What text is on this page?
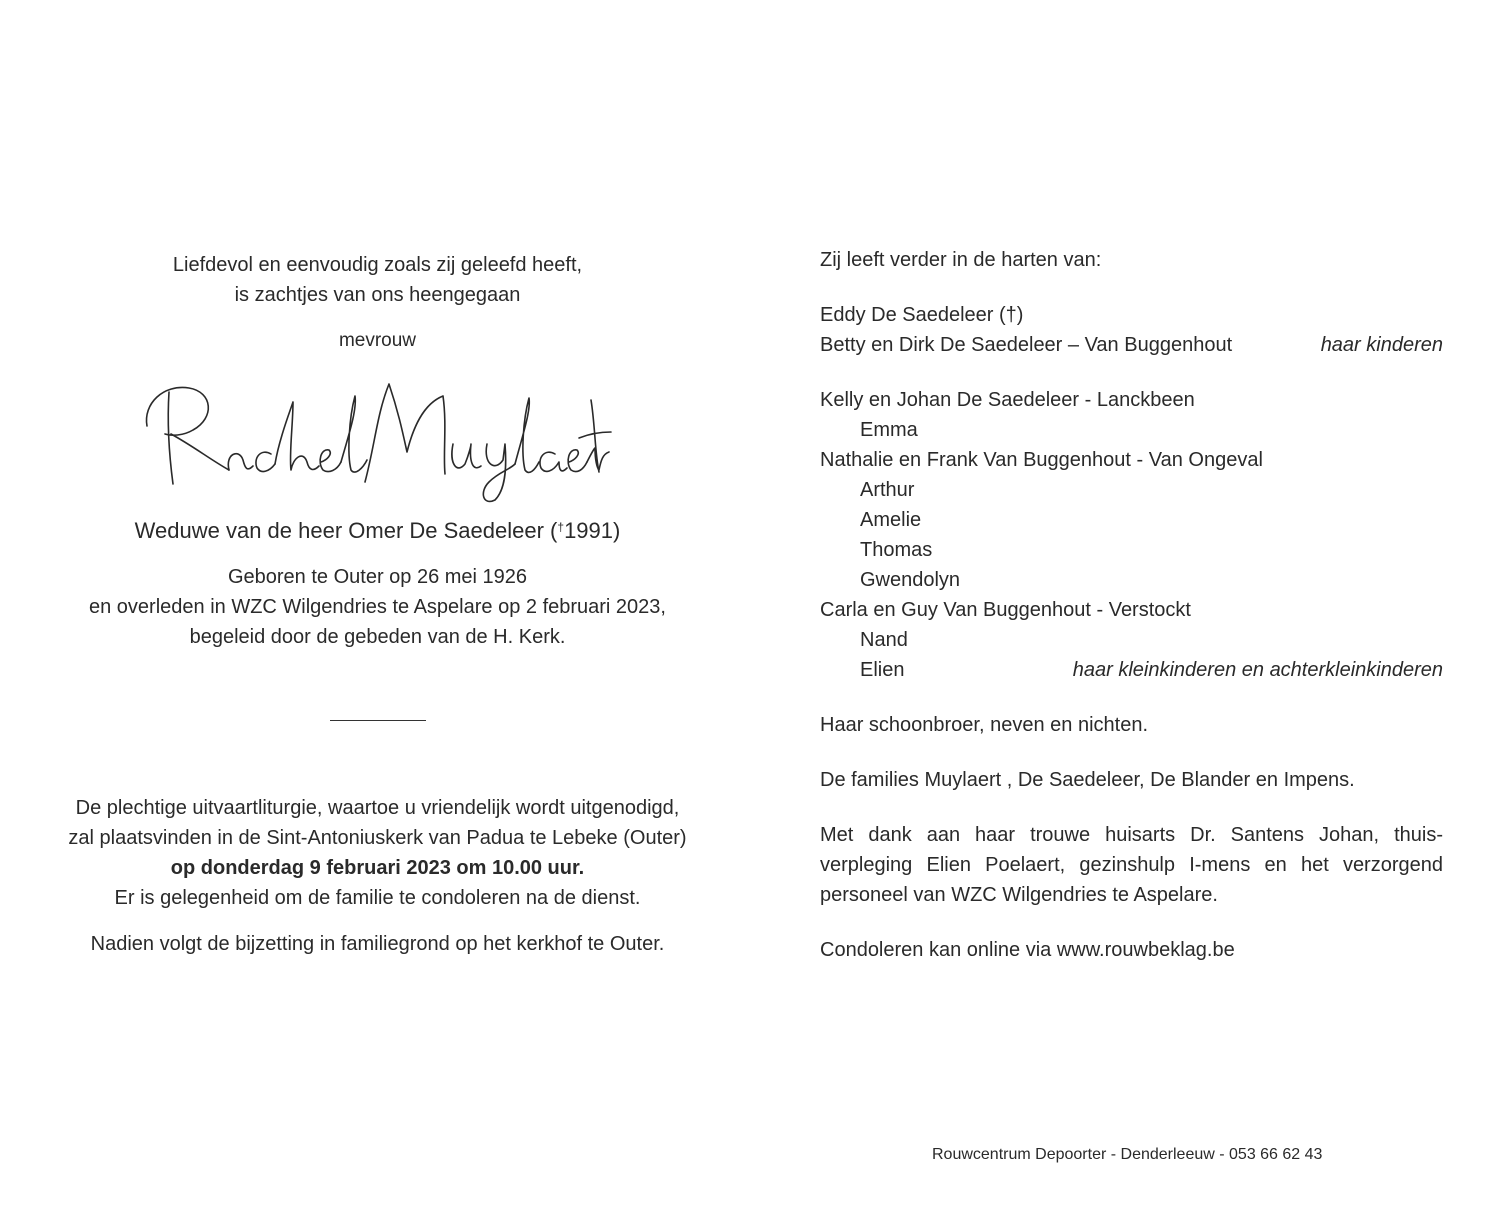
Liefdevol en eenvoudig zoals zij geleefd heeft,
is zachtjes van ons heengegaan

mevrouw

Weduwe van de heer Omer De Saedeleer (†1991)

Geboren te Outer op 26 mei 1926

en overleden in WZC Wilgendries te Aspelare op 2 februari 2023,

begeleid door de gebeden van de H. Kerk.

De plechtige uitvaartliturgie, waartoe u vriendelijk wordt uitgenodigd,

zal plaatsvinden in de Sint-Antoniuskerk van Padua te Lebeke (Outer)

op donderdag 9 februari 2023 om 10.00 uur.

Er is gelegenheid om de familie te condoleren na de dienst.

Nadien volgt de bijzetting in familiegrond op het kerkhof te Outer.

Zij leeft verder in de harten van:

Eddy De Saedeleer (†)

Betty en Dirk De Saedeleer – Van Buggenhout	haar kinderen

Kelly en Johan De Saedeleer - Lanckbeen

Emma

Nathalie en Frank Van Buggenhout - Van Ongeval

Arthur

Amelie

Thomas

Gwendolyn

Carla en Guy Van Buggenhout - Verstockt

Nand

Elien	haar kleinkinderen en achterkleinkinderen

Haar schoonbroer, neven en nichten.

De families Muylaert , De Saedeleer, De Blander en Impens.

Met dank aan haar trouwe huisarts Dr. Santens Johan, thuis-verpleging Elien Poelaert, gezinshulp I-mens en het verzorgend personeel van WZC Wilgendries te Aspelare.

Condoleren kan online via www.rouwbeklag.be

Rouwcentrum Depoorter - Denderleeuw - 053 66 62 43
